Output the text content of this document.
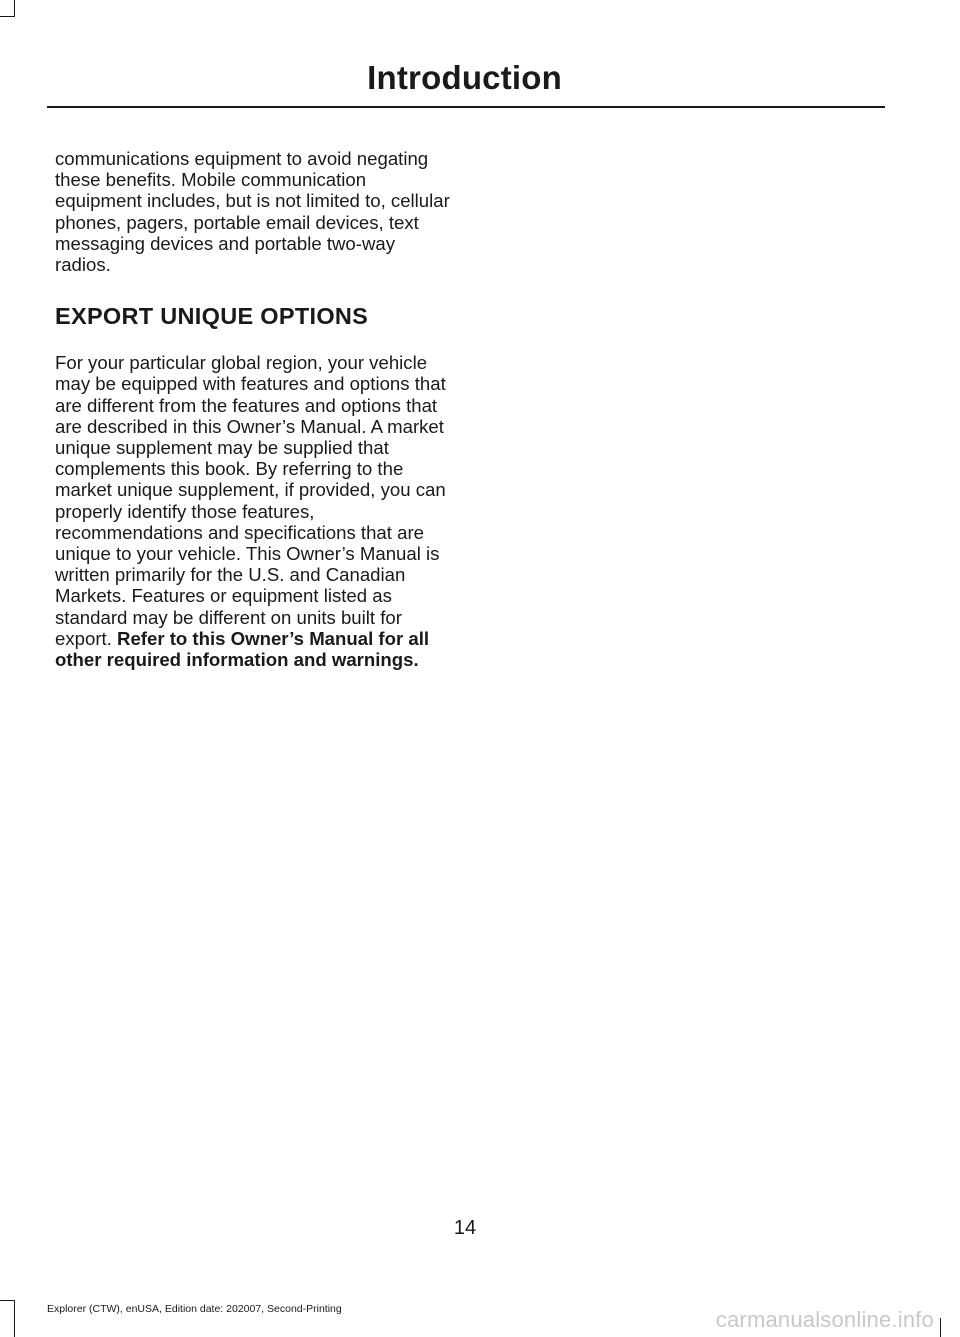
Introduction

communications equipment to avoid negating these benefits. Mobile communication equipment includes, but is not limited to, cellular phones, pagers, portable email devices, text messaging devices and portable two-way radios.

EXPORT UNIQUE OPTIONS

For your particular global region, your vehicle may be equipped with features and options that are different from the features and options that are described in this Owner’s Manual. A market unique supplement may be supplied that complements this book. By referring to the market unique supplement, if provided, you can properly identify those features, recommendations and specifications that are unique to your vehicle. This Owner’s Manual is written primarily for the U.S. and Canadian Markets. Features or equipment listed as standard may be different on units built for export. Refer to this Owner’s Manual for all other required information and warnings.

14
Explorer (CTW), enUSA, Edition date: 202007, Second-Printing	carmanualsonline.info
